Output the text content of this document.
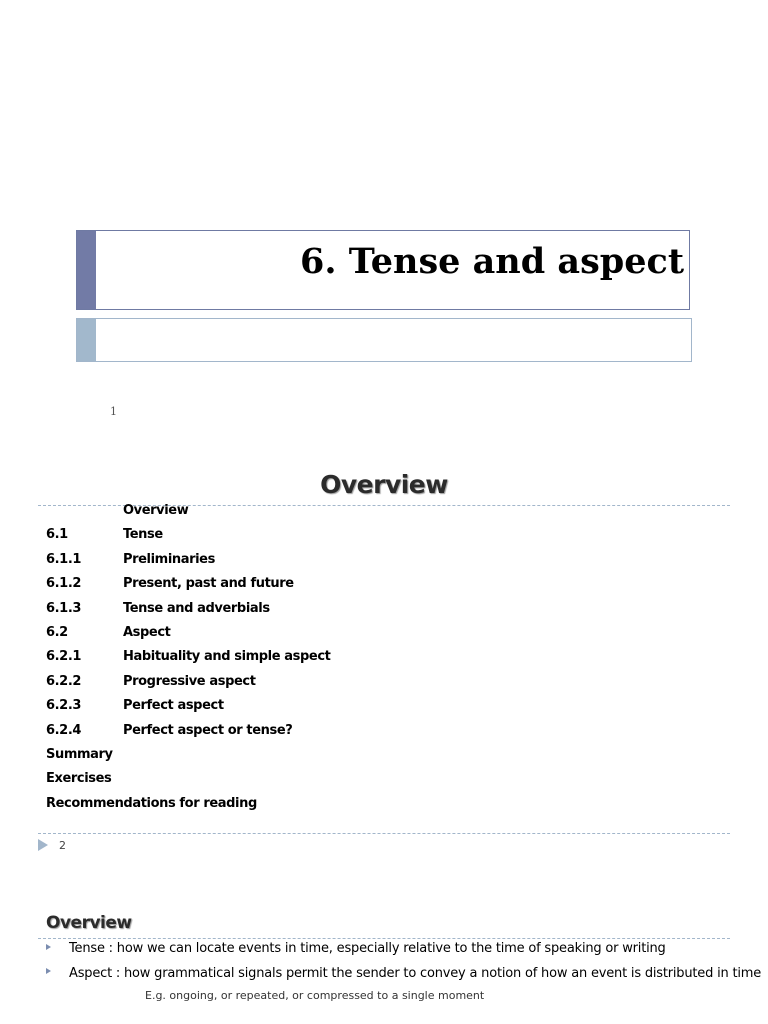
6. Tense and aspect
1
Overview
Overview
6.1	Tense
6.1.1	Preliminaries
6.1.2	Present, past and future
6.1.3	Tense and adverbials
6.2	Aspect
6.2.1	Habituality and simple aspect
6.2.2	Progressive aspect
6.2.3	Perfect aspect
6.2.4	Perfect aspect or tense?
Summary
Exercises
Recommendations for reading
2
Overview
Tense : how we can locate events in time, especially relative to the time of speaking or writing
Aspect : how grammatical signals permit the sender to convey a notion of how an event is distributed in time
E.g. ongoing, or repeated, or compressed to a single moment
